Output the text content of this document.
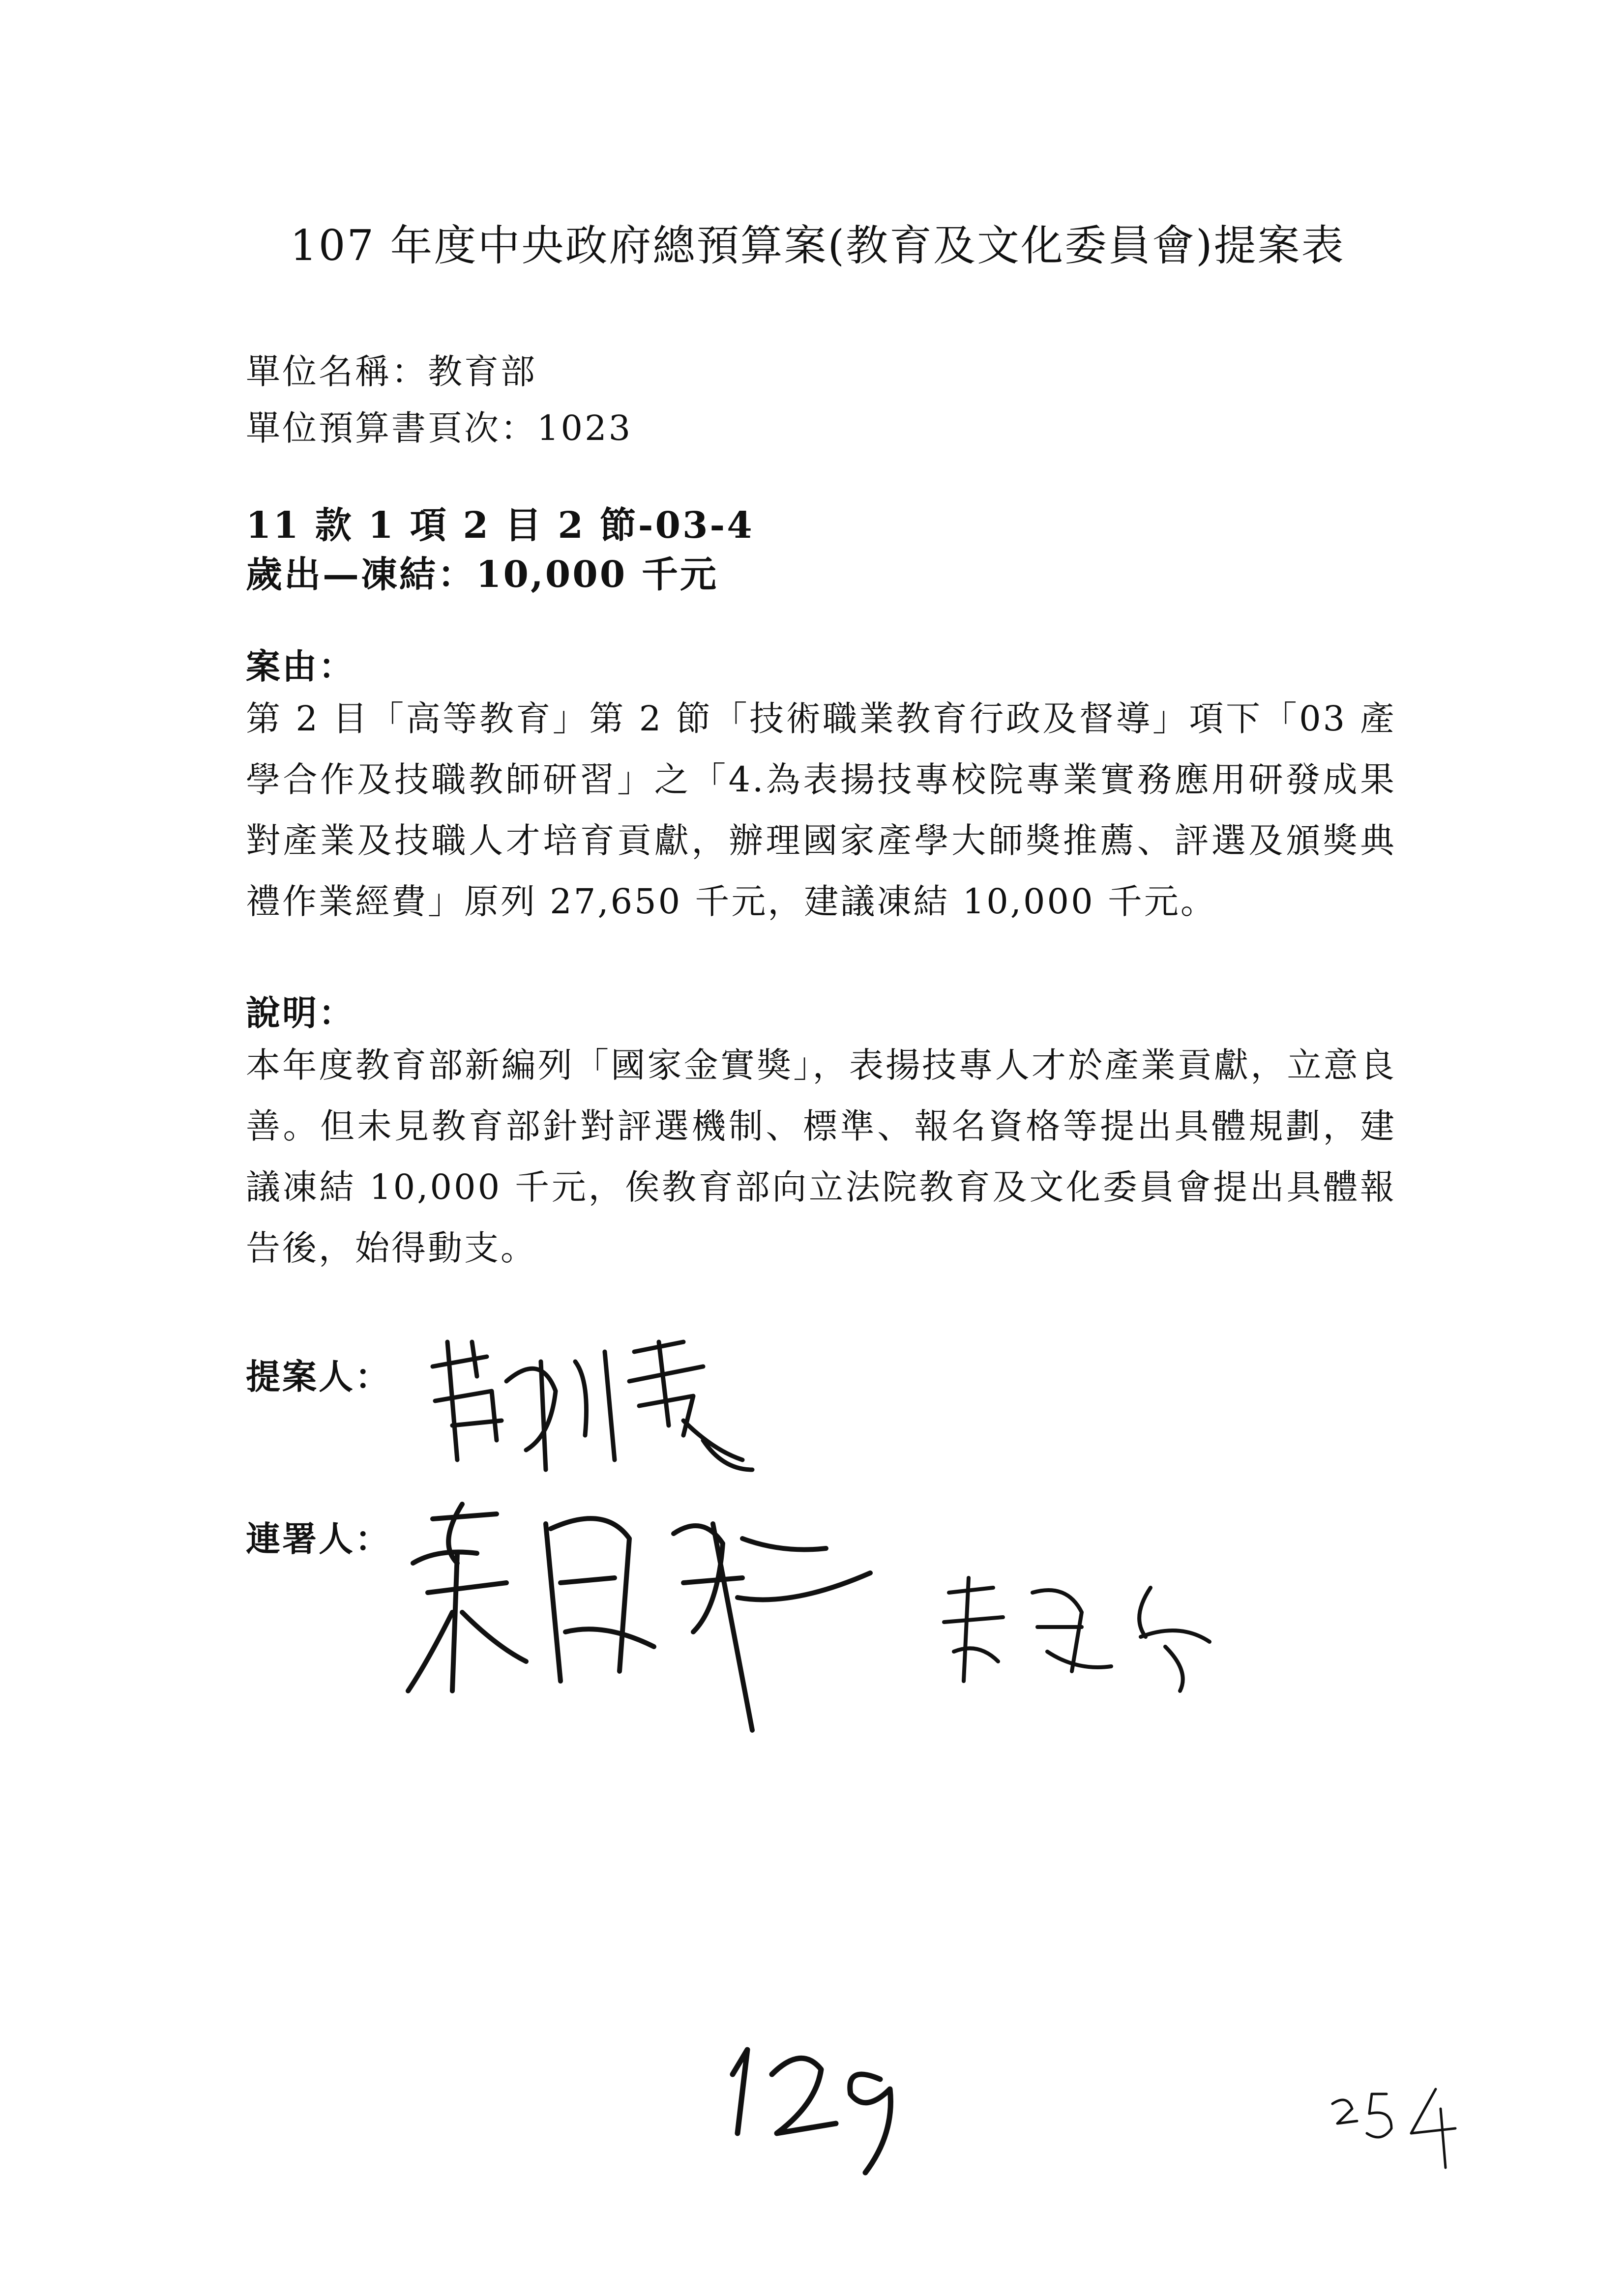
107 年度中央政府總預算案(教育及文化委員會)提案表
單位名稱：教育部
單位預算書頁次：1023
11 款 1 項 2 目 2 節-03-4
歲出—凍結：10,000 千元
案由：
第 2 目「高等教育」第 2 節「技術職業教育行政及督導」項下「03 產學合作及技職教師研習」之「4.為表揚技專校院專業實務應用研發成果對產業及技職人才培育貢獻，辦理國家產學大師獎推薦、評選及頒獎典禮作業經費」原列 27,650 千元，建議凍結 10,000 千元。
說明：
本年度教育部新編列「國家金實獎」，表揚技專人才於產業貢獻，立意良善。但未見教育部針對評選機制、標準、報名資格等提出具體規劃，建議凍結 10,000 千元，俟教育部向立法院教育及文化委員會提出具體報告後，始得動支。
提案人：
連署人：
